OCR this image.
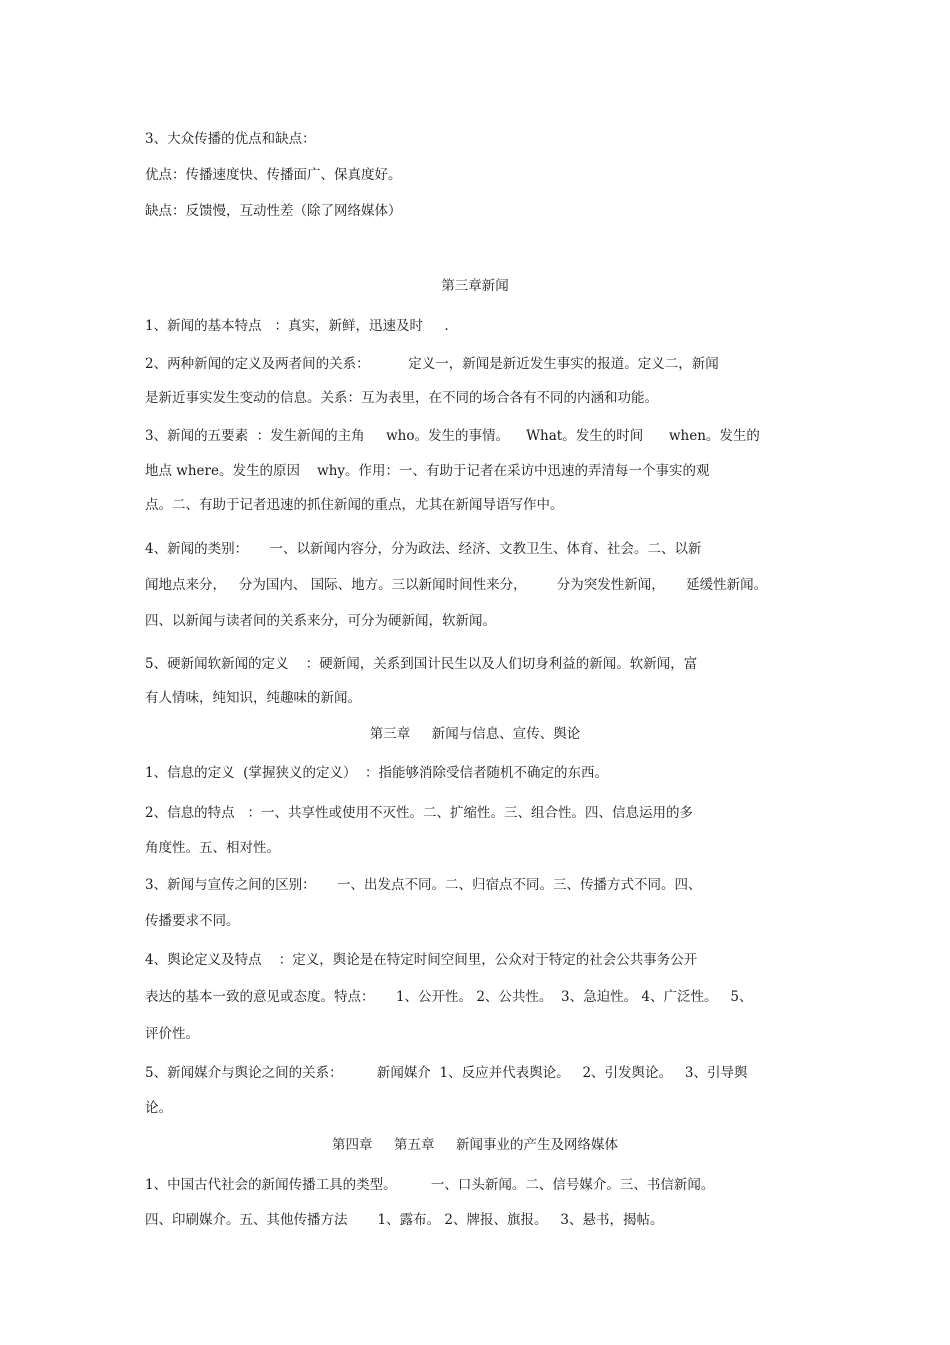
3、大众传播的优点和缺点：
优点：传播速度快、传播面广、保真度好。
缺点：反馈慢，互动性差（除了网络媒体）
第三章新闻
1、新闻的基本特点   ：真实，新鲜，迅速及时     .
2、两种新闻的定义及两者间的关系：         定义一，新闻是新近发生事实的报道。定义二，新闻
是新近事实发生变动的信息。关系：互为表里，在不同的场合各有不同的内涵和功能。
3、新闻的五要素  ：发生新闻的主角     who。发生的事情。    What。发生的时间      when。发生的
地点 where。发生的原因    why。作用：一、有助于记者在采访中迅速的弄清每一个事实的观
点。二、有助于记者迅速的抓住新闻的重点，尤其在新闻导语写作中。
4、新闻的类别：     一、以新闻内容分，分为政法、经济、文教卫生、体育、社会。二、以新
闻地点来分，   分为国内、 国际、地方。三以新闻时间性来分，       分为突发性新闻，     延缓性新闻。
四、以新闻与读者间的关系来分，可分为硬新闻，软新闻。
5、硬新闻软新闻的定义    ：硬新闻，关系到国计民生以及人们切身利益的新闻。软新闻，富
有人情味，纯知识，纯趣味的新闻。
第三章     新闻与信息、宣传、舆论
1、信息的定义  (掌握狭义的定义）  ：指能够消除受信者随机不确定的东西。
2、信息的特点   ：一、共享性或使用不灭性。二、扩缩性。三、组合性。四、信息运用的多
角度性。五、相对性。
3、新闻与宣传之间的区别：     一、出发点不同。二、归宿点不同。三、传播方式不同。四、
传播要求不同。
4、舆论定义及特点    ：定义，舆论是在特定时间空间里，公众对于特定的社会公共事务公开
表达的基本一致的意见或态度。特点：     1、公开性。 2、公共性。  3、急迫性。 4、广泛性。   5、
评价性。
5、新闻媒介与舆论之间的关系：        新闻媒介  1、反应并代表舆论。   2、引发舆论。   3、引导舆
论。
第四章     第五章     新闻事业的产生及网络媒体
1、中国古代社会的新闻传播工具的类型。        一、口头新闻。二、信号媒介。三、书信新闻。
四、印刷媒介。五、其他传播方法       1、露布。 2、牌报、旗报。   3、悬书，揭帖。
